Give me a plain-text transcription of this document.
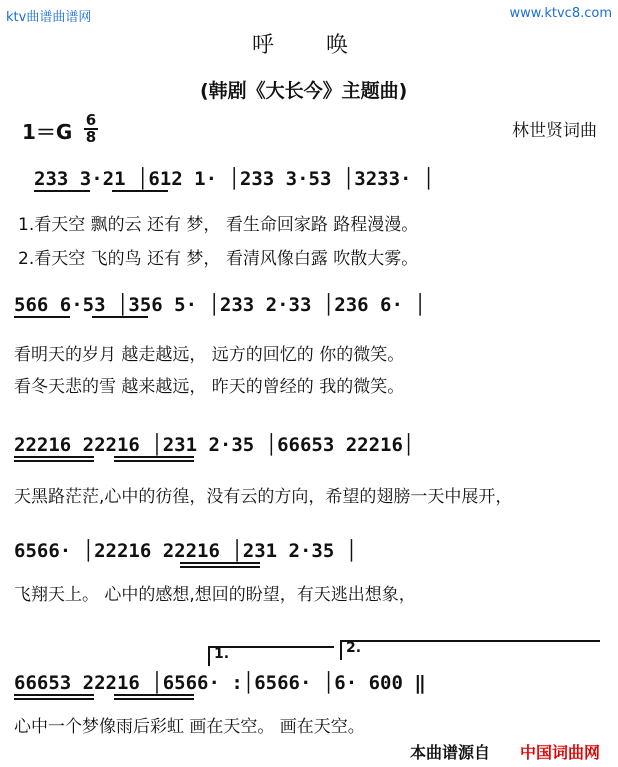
ktv曲谱曲谱网	www.ktvc8.com
呼唤
(韩剧《大长今》主题曲)
1＝G 6
8	林世贤词曲
233 3·21 │612 1· │233 3·53 │3233· │
1.看天空 飘的云 还有 梦， 看生命回家路 路程漫漫。
2.看天空 飞的鸟 还有 梦， 看清风像白露 吹散大雾。
566 6·53 │356 5· │233 2·33 │236 6· │
看明天的岁月 越走越远， 远方的回忆的 你的微笑。
看冬天悲的雪 越来越远， 昨天的曾经的 我的微笑。
22216 22216 │231 2·35 │66653 22216│
天黑路茫茫,心中的彷徨，没有云的方向，希望的翅膀一天中展开，
6566· │22216 22216 │231 2·35 │
飞翔天上。 心中的感想,想回的盼望，有天逃出想象，
1.	2.
66653 22216 │6566· :│6566· │6· 600 ‖
心中一个梦像雨后彩虹 画在天空。 画在天空。
本曲谱源自 中国词曲网
